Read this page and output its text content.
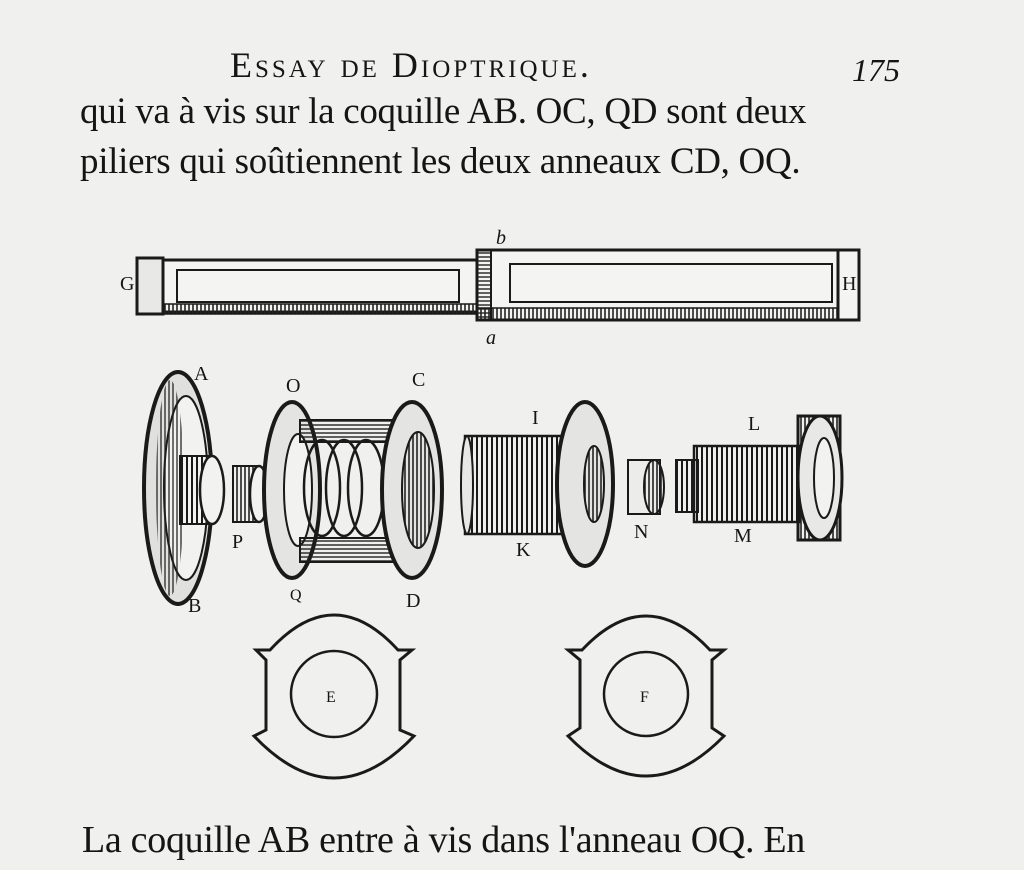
Essay de Dioptrique.	175
qui va à vis sur la coquille AB. OC, QD sont deux
piliers qui soûtiennent les deux anneaux CD, OQ.
G	H
b
a
A
B
P
O	C
Q	D
I
K
N
L
M
E	F
La coquille AB entre à vis dans l'anneau OQ. En
